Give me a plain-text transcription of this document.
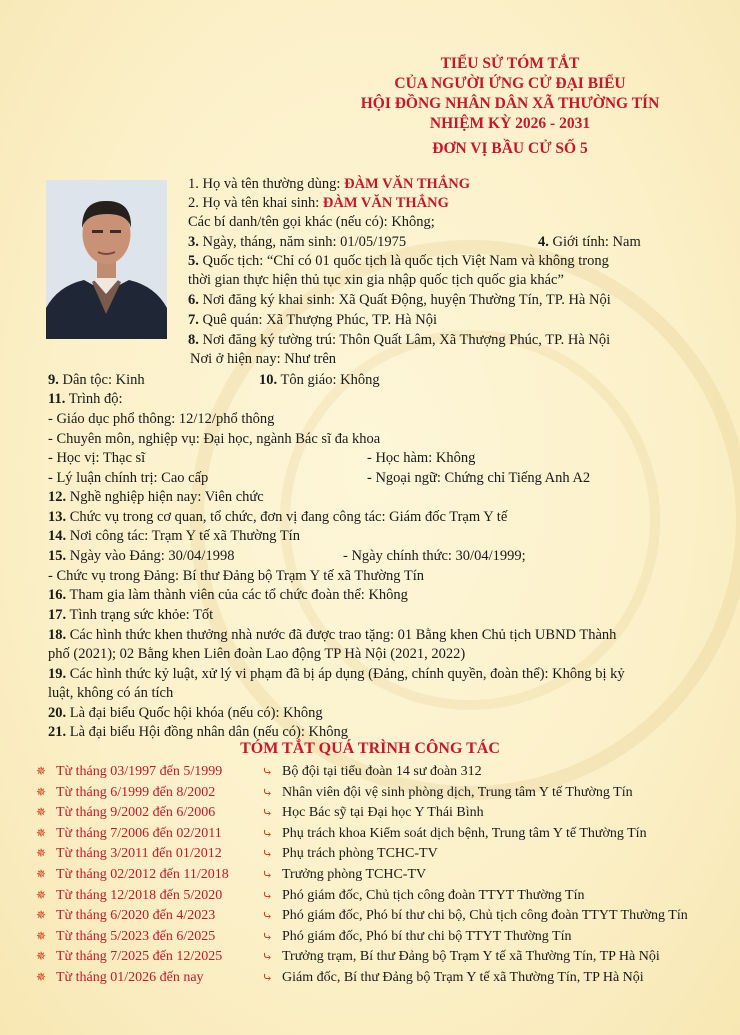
TIỂU SỬ TÓM TẮT
CỦA NGƯỜI ỨNG CỬ ĐẠI BIỂU
HỘI ĐỒNG NHÂN DÂN XÃ THƯỜNG TÍN
NHIỆM KỲ 2026 - 2031
ĐƠN VỊ BẦU CỬ SỐ 5
1. Họ và tên thường dùng: ĐÀM VĂN THẮNG
2. Họ và tên khai sinh: ĐÀM VĂN THẮNG
Các bí danh/tên gọi khác (nếu có): Không;
3. Ngày, tháng, năm sinh: 01/05/1975	4. Giới tính: Nam
5. Quốc tịch: “Chỉ có 01 quốc tịch là quốc tịch Việt Nam và không trong
thời gian thực hiện thủ tục xin gia nhập quốc tịch quốc gia khác”
6. Nơi đăng ký khai sinh: Xã Quất Động, huyện Thường Tín, TP. Hà Nội
7. Quê quán: Xã Thượng Phúc, TP. Hà Nội
8. Nơi đăng ký tường trú: Thôn Quất Lâm, Xã Thượng Phúc, TP. Hà Nội
Nơi ở hiện nay: Như trên
9. Dân tộc: Kinh	10. Tôn giáo: Không
11. Trình độ:
- Giáo dục phổ thông: 12/12/phổ thông
- Chuyên môn, nghiệp vụ: Đại học, ngành Bác sĩ đa khoa
- Học vị: Thạc sĩ	- Học hàm: Không
- Lý luận chính trị: Cao cấp	- Ngoại ngữ: Chứng chỉ Tiếng Anh A2
12. Nghề nghiệp hiện nay: Viên chức
13. Chức vụ trong cơ quan, tổ chức, đơn vị đang công tác: Giám đốc Trạm Y tế
14. Nơi công tác: Trạm Y tế xã Thường Tín
15. Ngày vào Đảng: 30/04/1998	- Ngày chính thức: 30/04/1999;
- Chức vụ trong Đảng: Bí thư Đảng bộ Trạm Y tế xã Thường Tín
16. Tham gia làm thành viên của các tổ chức đoàn thể: Không
17. Tình trạng sức khỏe: Tốt
18. Các hình thức khen thưởng nhà nước đã được trao tặng: 01 Bằng khen Chủ tịch UBND Thành
phố (2021); 02 Bằng khen Liên đoàn Lao động TP Hà Nội (2021, 2022)
19. Các hình thức kỷ luật, xử lý vi phạm đã bị áp dụng (Đảng, chính quyền, đoàn thể): Không bị kỷ
luật, không có án tích
20. Là đại biểu Quốc hội khóa (nếu có): Không
21. Là đại biểu Hội đồng nhân dân (nếu có): Không
TÓM TẮT QUÁ TRÌNH CÔNG TÁC
✵ Từ tháng 03/1997 đến 5/1999	⤷ Bộ đội tại tiểu đoàn 14 sư đoàn 312
✵ Từ tháng 6/1999 đến 8/2002	⤷ Nhân viên đội vệ sinh phòng dịch, Trung tâm Y tế Thường Tín
✵ Từ tháng 9/2002 đến 6/2006	⤷ Học Bác sỹ tại Đại học Y Thái Bình
✵ Từ tháng 7/2006 đến 02/2011	⤷ Phụ trách khoa Kiểm soát dịch bệnh, Trung tâm Y tế Thường Tín
✵ Từ tháng 3/2011 đến 01/2012	⤷ Phụ trách phòng TCHC-TV
✵ Từ tháng 02/2012 đến 11/2018	⤷ Trưởng phòng TCHC-TV
✵ Từ tháng 12/2018 đến 5/2020	⤷ Phó giám đốc, Chủ tịch công đoàn TTYT Thường Tín
✵ Từ tháng 6/2020 đến 4/2023	⤷ Phó giám đốc, Phó bí thư chi bộ, Chủ tịch công đoàn TTYT Thường Tín
✵ Từ tháng 5/2023 đến 6/2025	⤷ Phó giám đốc, Phó bí thư chi bộ TTYT Thường Tín
✵ Từ tháng 7/2025 đến 12/2025	⤷ Trưởng trạm, Bí thư Đảng bộ Trạm Y tế xã Thường Tín, TP Hà Nội
✵ Từ tháng 01/2026 đến nay	⤷ Giám đốc, Bí thư Đảng bộ Trạm Y tế xã Thường Tín, TP Hà Nội
